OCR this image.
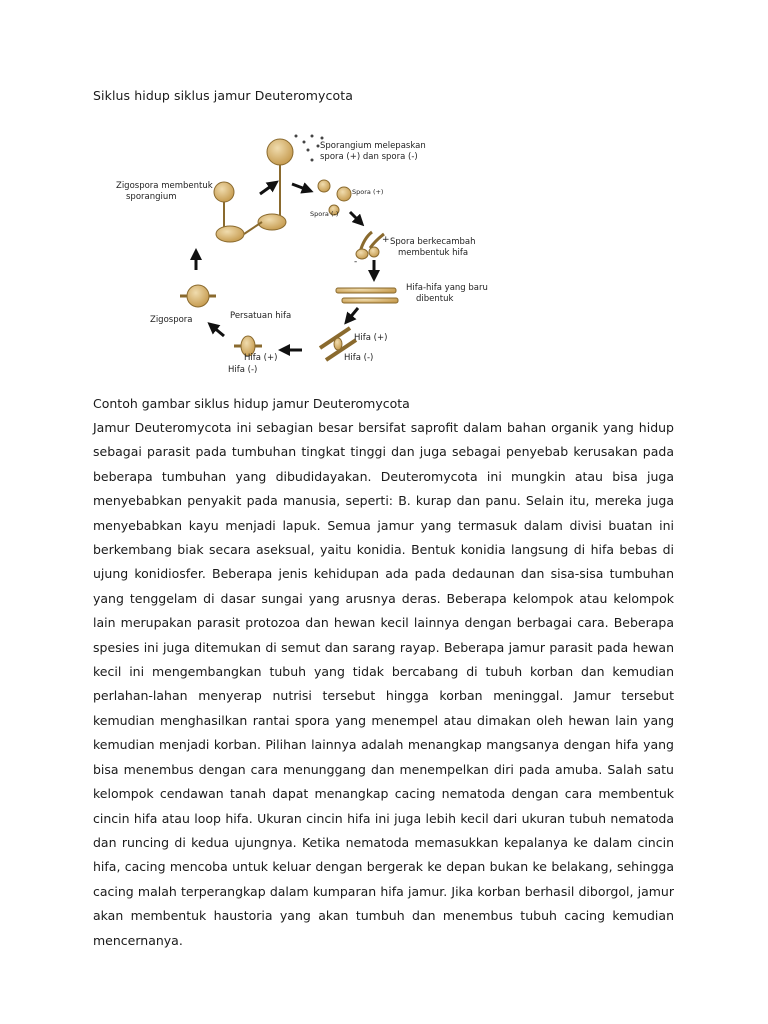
Siklus hidup siklus jamur Deuteromycota
Sporangium melepaskan
spora (+) dan spora (-)
Zigospora membentuk
sporangium	Spora (+)
Spora (-)
Spora berkecambah
membentuk hifa
+
-
Hifa-hifa yang baru
dibentuk
Hifa (+)
Hifa (-)
Persatuan hifa
Zigospora
Hifa (+)
Hifa (-)
Contoh gambar siklus hidup jamur Deuteromycota

Jamur Deuteromycota ini sebagian besar bersifat saprofit dalam bahan organik yang hidup sebagai parasit pada tumbuhan tingkat tinggi dan juga sebagai penyebab kerusakan pada beberapa tumbuhan yang dibudidayakan. Deuteromycota ini mungkin atau bisa juga menyebabkan penyakit pada manusia, seperti: B. kurap dan panu. Selain itu, mereka juga menyebabkan kayu menjadi lapuk. Semua jamur yang termasuk dalam divisi buatan ini berkembang biak secara aseksual, yaitu konidia. Bentuk konidia langsung di hifa bebas di ujung konidiosfer. Beberapa jenis kehidupan ada pada dedaunan dan sisa-sisa tumbuhan yang tenggelam di dasar sungai yang arusnya deras. Beberapa kelompok atau kelompok lain merupakan parasit protozoa dan hewan kecil lainnya dengan berbagai cara. Beberapa spesies ini juga ditemukan di semut dan sarang rayap. Beberapa jamur parasit pada hewan kecil ini mengembangkan tubuh yang tidak bercabang di tubuh korban dan kemudian perlahan-lahan menyerap nutrisi tersebut hingga korban meninggal. Jamur tersebut kemudian menghasilkan rantai spora yang menempel atau dimakan oleh hewan lain yang kemudian menjadi korban. Pilihan lainnya adalah menangkap mangsanya dengan hifa yang bisa menembus dengan cara menunggang dan menempelkan diri pada amuba. Salah satu kelompok cendawan tanah dapat menangkap cacing nematoda dengan cara membentuk cincin hifa atau loop hifa. Ukuran cincin hifa ini juga lebih kecil dari ukuran tubuh nematoda dan runcing di kedua ujungnya. Ketika nematoda memasukkan kepalanya ke dalam cincin hifa, cacing mencoba untuk keluar dengan bergerak ke depan bukan ke belakang, sehingga cacing malah terperangkap dalam kumparan hifa jamur. Jika korban berhasil diborgol, jamur akan membentuk haustoria yang akan tumbuh dan menembus tubuh cacing kemudian mencernanya.
